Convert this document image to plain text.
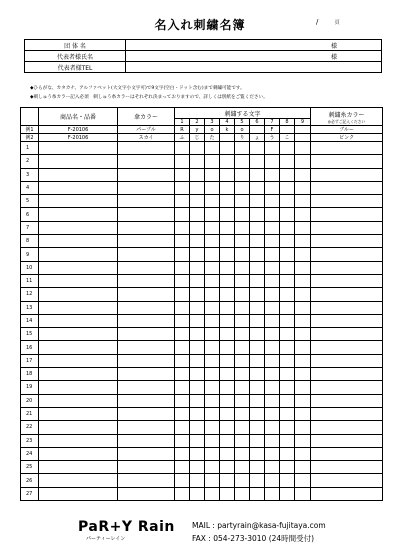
名入れ刺繍名簿	/	頁
団 体 名	様
代表者様氏名	様
代表者様TEL	
◆ひらがな、カタカナ、アルファベット(大文字小文字可)で9文字(空白・ドット含む)まで刺繍可能です。
◆刺しゅう糸カラー記入必須　刺しゅう糸カラーはそれぞれ決まっておりますので、詳しくは別紙をご覧ください。
	商品名・品番	傘カラー	刺繍する文字									刺繍糸カラー
◎必ずご記入ください

			1	2	3	4	5	6	7	8	9	
例1	F-20106	パープル	R	y	o	k	o		F			ブルー
例2	F-20106	スカイ	ふ	じ	た		り	ょ	う	こ		ピンク
1												
2												
3												
4												
5												
6												
7												
8												
9												
10												
11												
12												
13												
14												
15												
16												
17												
18												
19												
20												
21												
22												
23												
24												
25												
26												
27												
PaR+Y Rain
パーティーレイン
MAIL : partyrain@kasa-fujitaya.com
FAX : 054-273-3010 (24時間受付)
